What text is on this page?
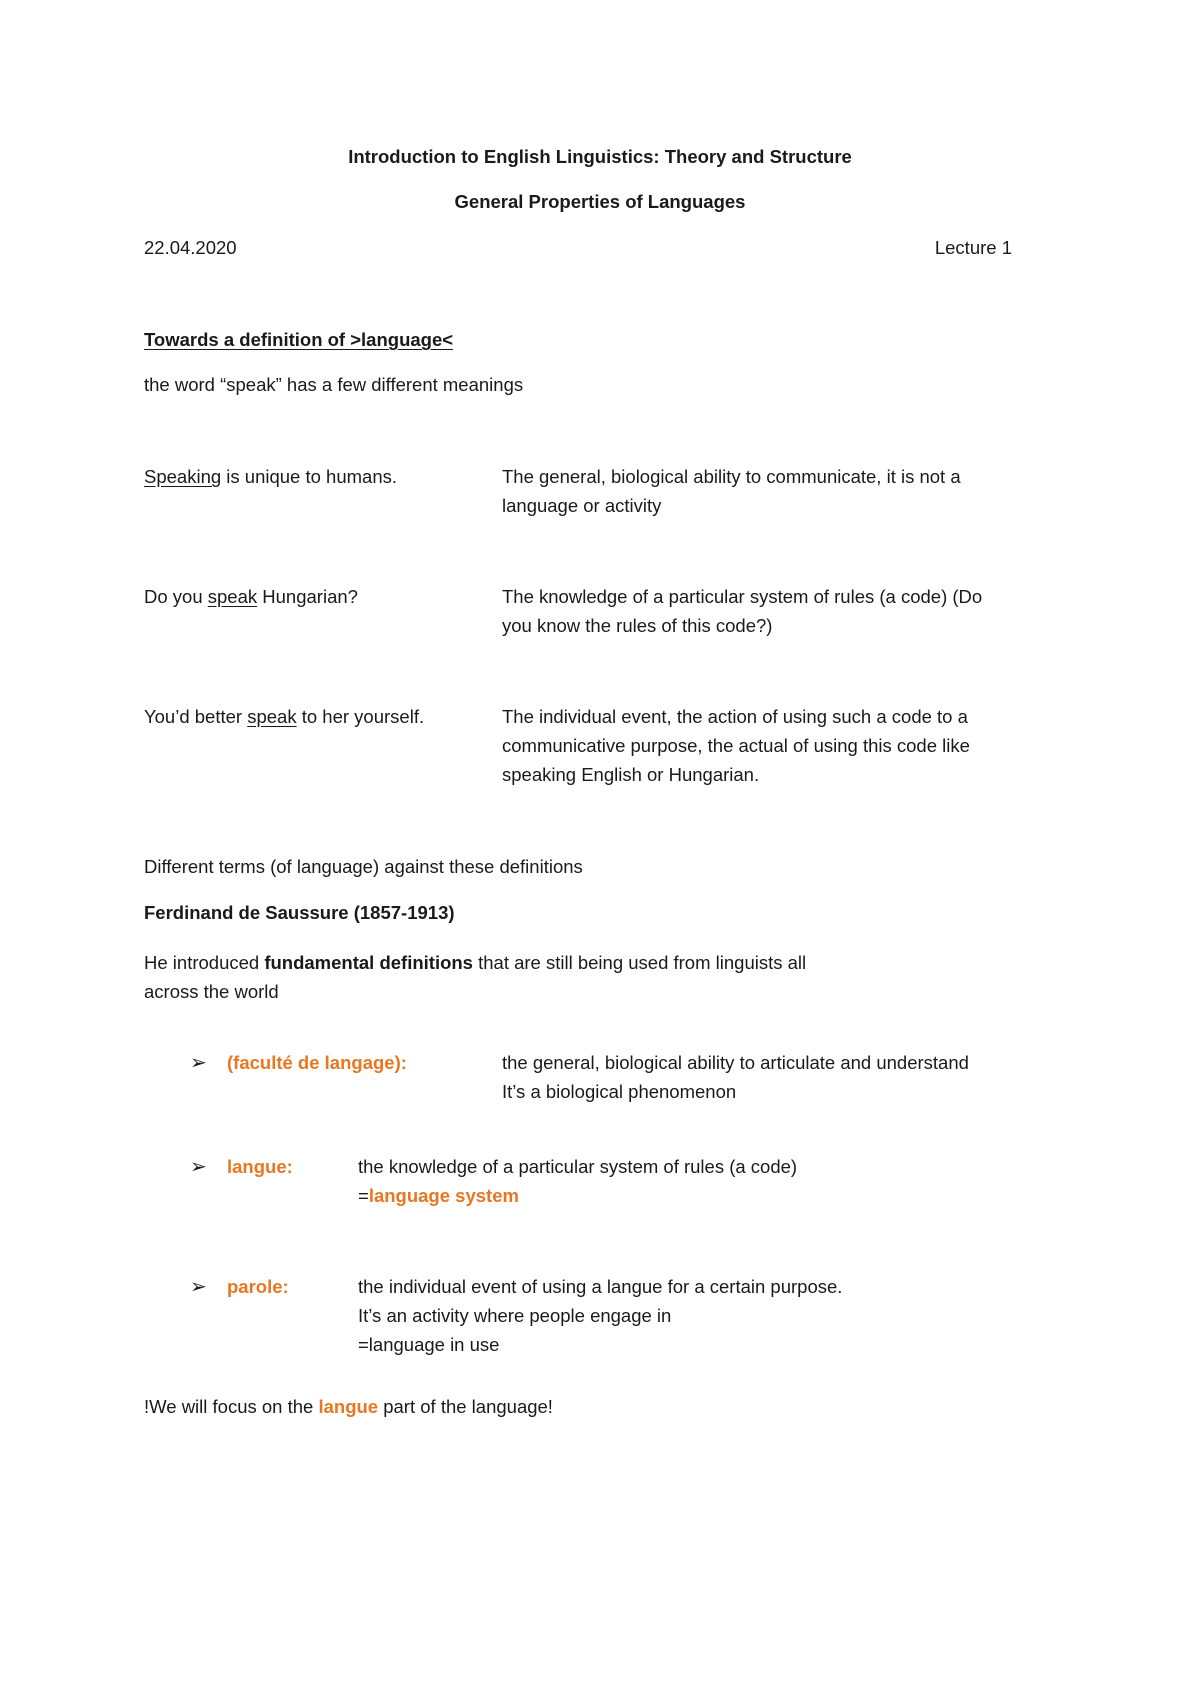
Introduction to English Linguistics: Theory and Structure
General Properties of Languages
22.04.2020	Lecture 1
Towards a definition of >language<
the word “speak” has a few different meanings
Speaking is unique to humans.	The general, biological ability to communicate, it is not a
language or activity
Do you speak Hungarian?	The knowledge of a particular system of rules (a code) (Do
you know the rules of this code?)
You’d better speak to her yourself.	The individual event, the action of using such a code to a
communicative purpose, the actual of using this code like
speaking English or Hungarian.
Different terms (of language) against these definitions
Ferdinand de Saussure (1857-1913)
He introduced fundamental definitions that are still being used from linguists all
across the world
➢ (faculté de langage):	the general, biological ability to articulate and understand
It’s a biological phenomenon
➢ langue:	the knowledge of a particular system of rules (a code)
=language system
➢ parole:	the individual event of using a langue for a certain purpose.
It’s an activity where people engage in
=language in use
!We will focus on the langue part of the language!
